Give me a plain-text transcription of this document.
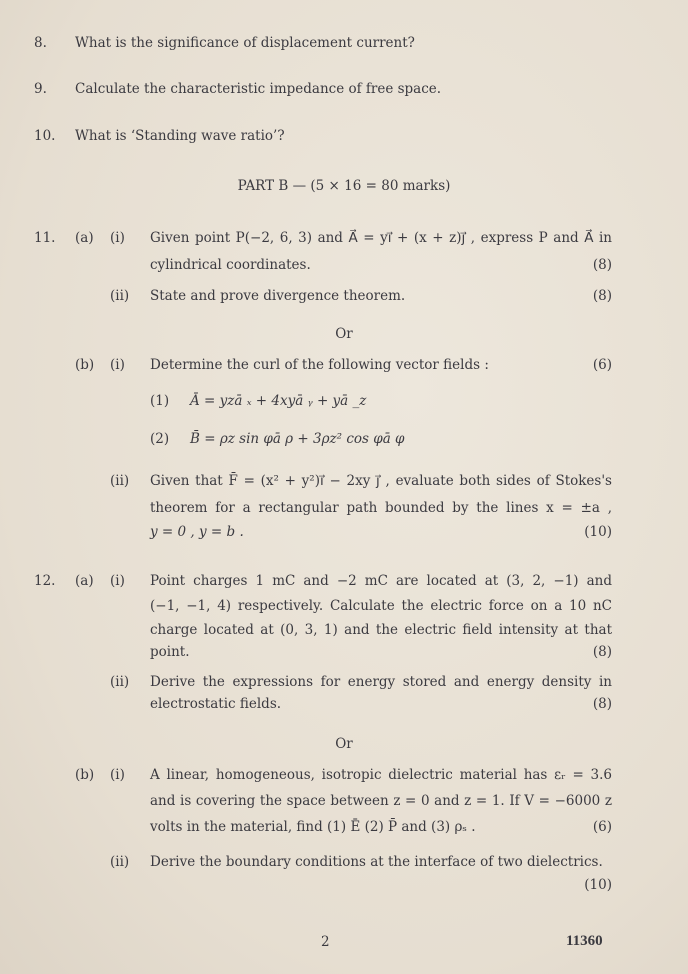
8. What is the significance of displacement current?
9. Calculate the characteristic impedance of free space.
10. What is ‘Standing wave ratio’?
PART B — (5 × 16 = 80 marks)
11. (a) (i) Given point P(−2, 6, 3) and A⃗ = yi⃗ + (x + z)j⃗ , express P and A⃗ in
cylindrical coordinates.	(8)
(ii) State and prove divergence theorem.	(8)
Or
(b) (i) Determine the curl of the following vector fields :	(6)
(1) Ā = yzā ₓ + 4xyā ᵧ + yā _z
(2) B̄ = ρz sin φā ρ + 3ρz² cos φā φ
(ii) Given that F̄ = (x² + y²)i⃗ − 2xy j⃗ , evaluate both sides of Stokes's
theorem for a rectangular path bounded by the lines x = ±a ,
y = 0 , y = b .	(10)
12. (a) (i) Point charges 1 mC and −2 mC are located at (3, 2, −1) and
(−1, −1, 4) respectively. Calculate the electric force on a 10 nC
charge located at (0, 3, 1) and the electric field intensity at that
point.	(8)
(ii) Derive the expressions for energy stored and energy density in
electrostatic fields.	(8)
Or
(b) (i) A linear, homogeneous, isotropic dielectric material has εᵣ = 3.6
and is covering the space between z = 0 and z = 1. If V = −6000 z
volts in the material, find (1) Ē (2) P̄ and (3) ρₛ .	(6)
(ii) Derive the boundary conditions at the interface of two dielectrics.
(10)
2	11360
